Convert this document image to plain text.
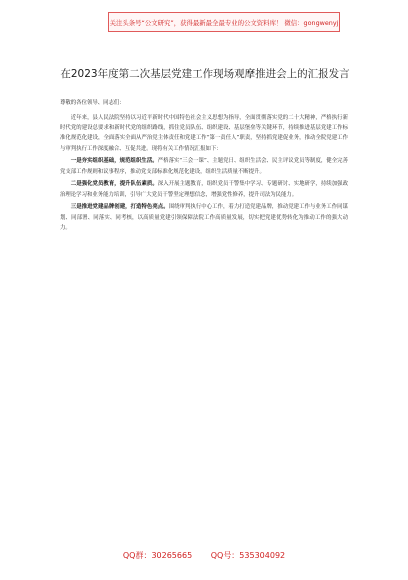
关注头条号“公文研究”，获得最新最全最专业的公文资料库！ 微信：gongwenyj
在2023年度第二次基层党建工作现场观摩推进会上的汇报发言
尊敬的各位领导、同志们：

近年来，县人民法院坚持以习近平新时代中国特色社会主义思想为指导，全面贯彻落实党的二十大精神，严格执行新时代党的建设总要求和新时代党的组织路线，抓住党员队伍、组织建设、基层堡垒等关键环节，持续推进基层党建工作标准化规范化建设，全面落实全面从严治党主体责任和党建工作“第一责任人”职责，坚持抓党建促业务，推动全院党建工作与审判执行工作深度融合、互促共进。现将有关工作情况汇报如下：

一是夯实组织基础，规范组织生活。严格落实“三会一课”、主题党日、组织生活会、民主评议党员等制度，健全完善党支部工作规则和议事程序，推动党支部标准化规范化建设，组织生活质量不断提升。

二是强化党员教育，提升队伍素质。深入开展主题教育，组织党员干警集中学习、专题研讨、实地研学，持续加强政治理论学习和业务能力培训，引导广大党员干警坚定理想信念，增强党性修养，提升司法为民能力。

三是推进党建品牌创建，打造特色亮点。围绕审判执行中心工作，着力打造党建品牌，推动党建工作与业务工作同谋划、同部署、同落实、同考核，以高质量党建引领保障法院工作高质量发展，切实把党建优势转化为推动工作的强大动力。

QQ群：30265665 QQ号：535304092
